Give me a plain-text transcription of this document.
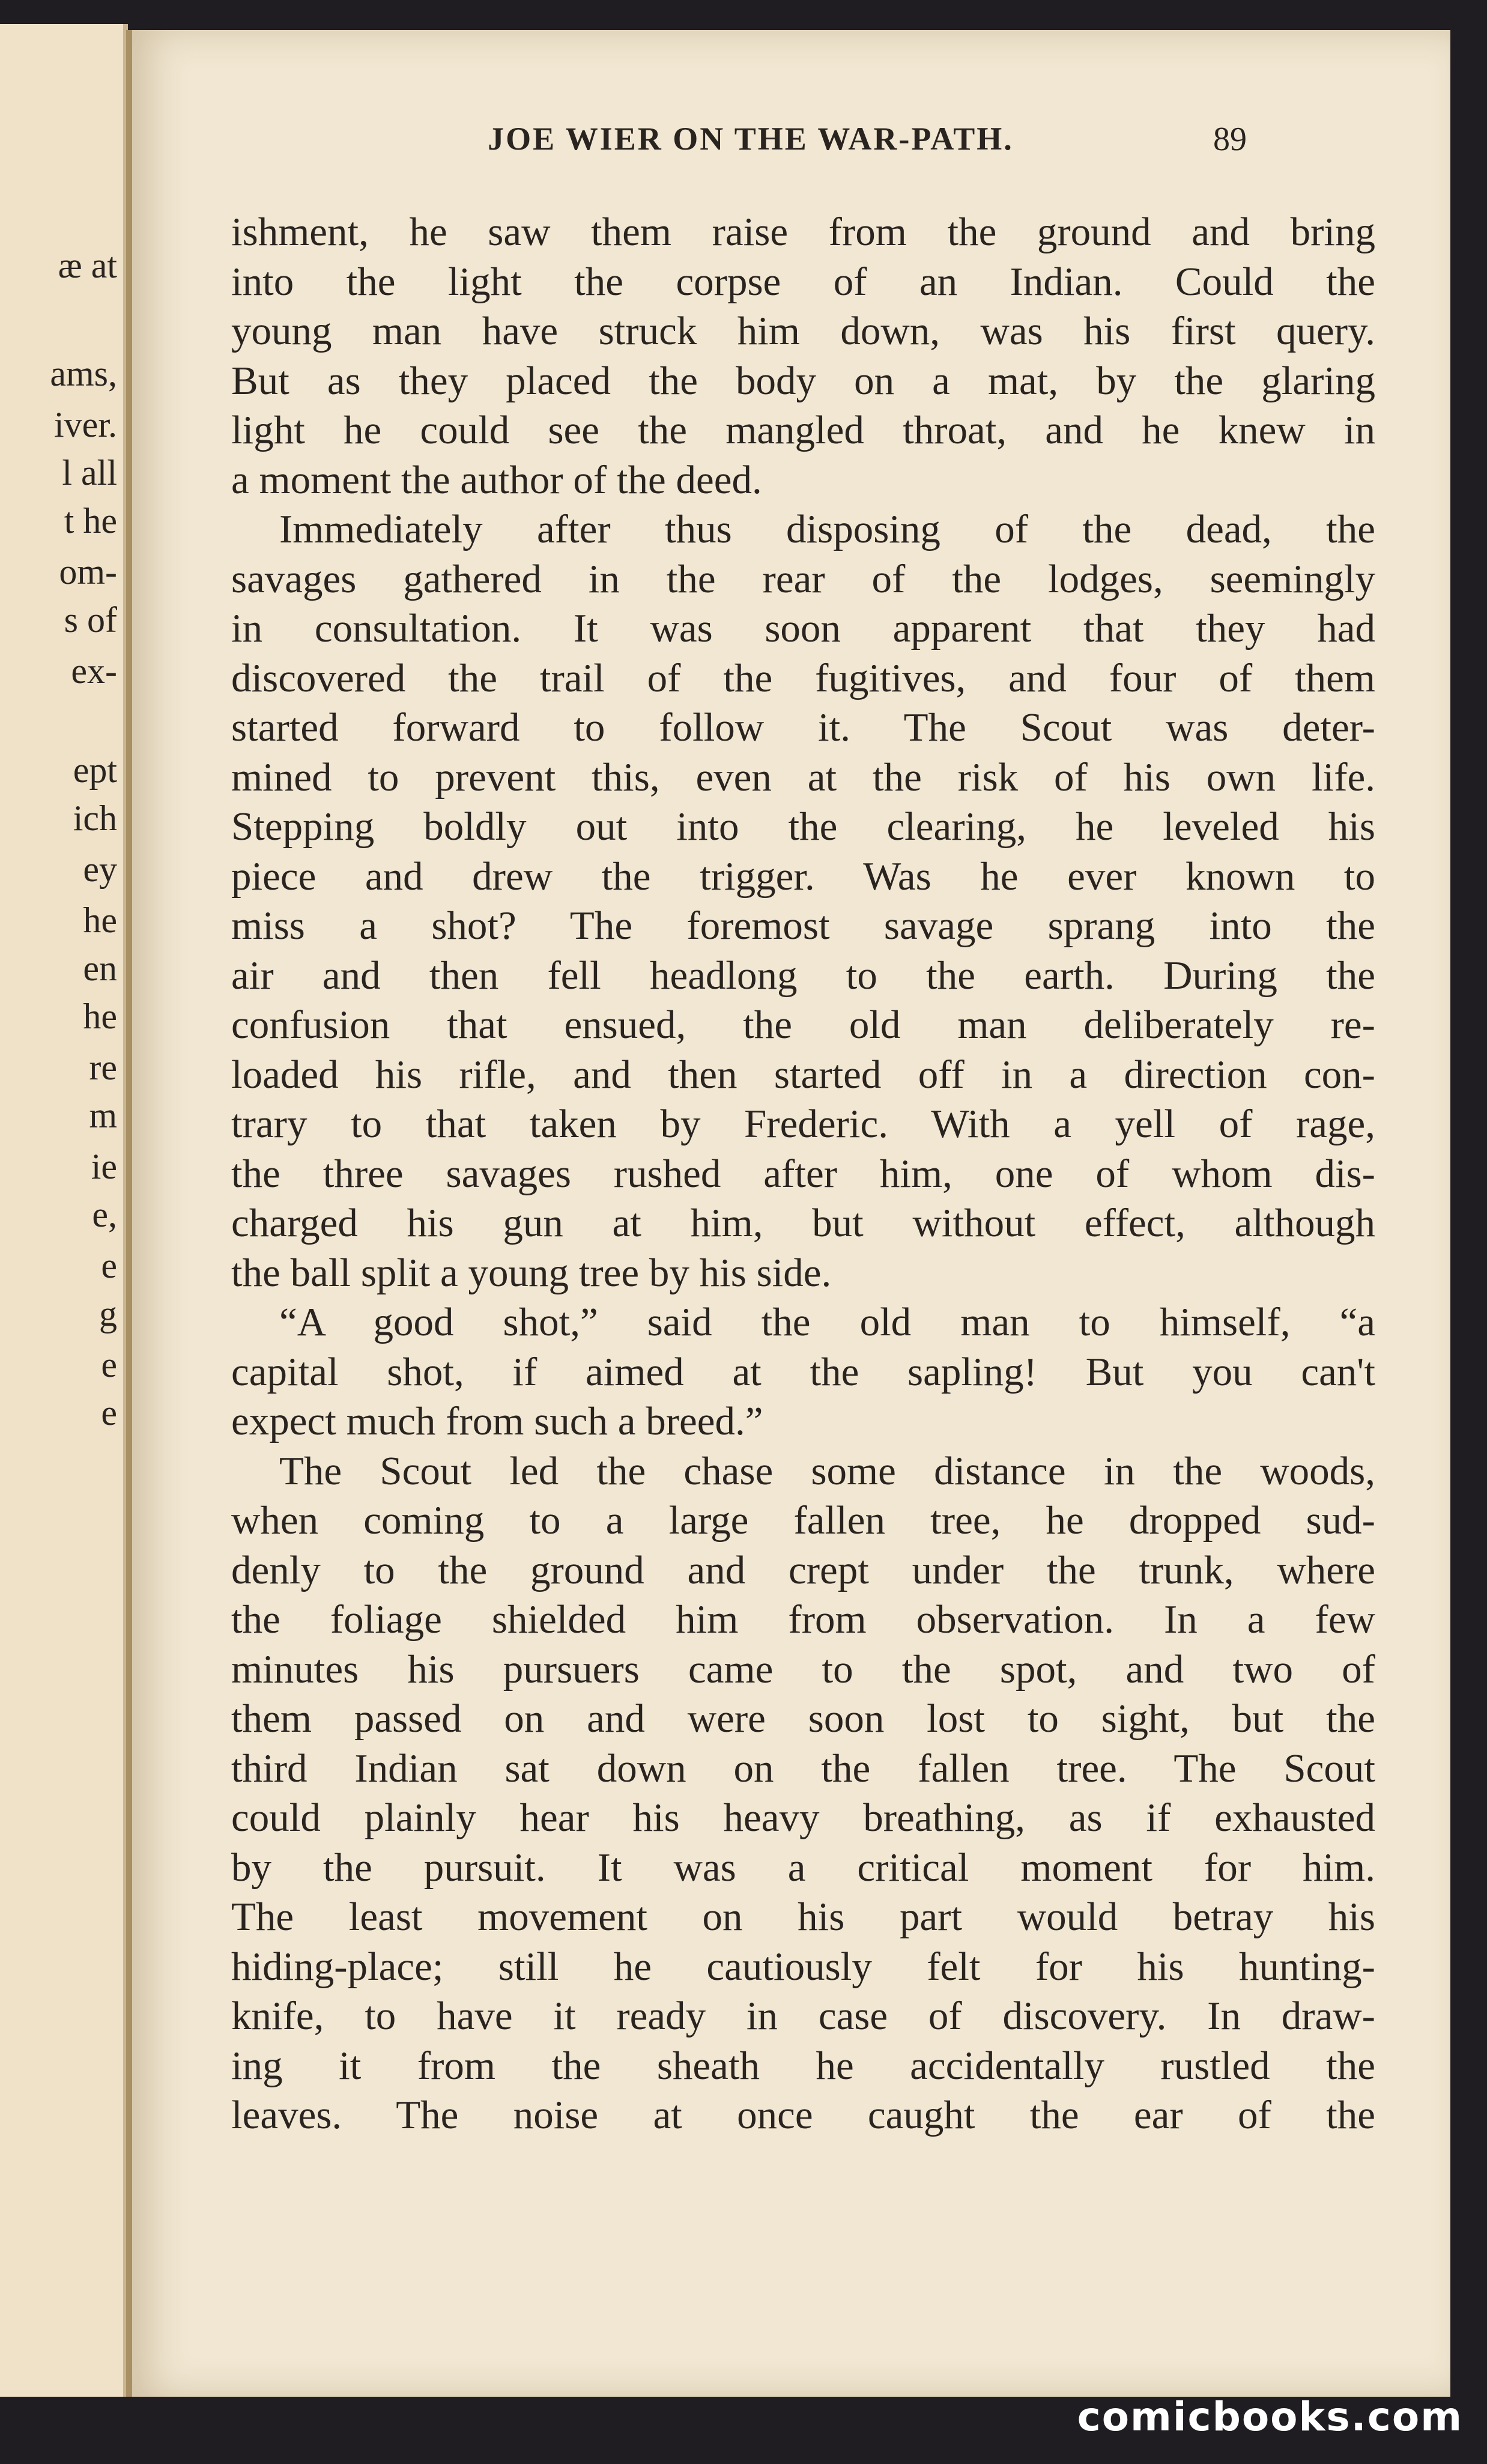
æ at
ams,
iver.
l all
t he
om-
s of
ex-
ept
ich
ey
he
en
he
re
m
ie
e,
e
g
e
e
JOE WIER ON THE WAR-PATH.	89
ishment, he saw them raise from the ground and bring
into the light the corpse of an Indian. Could the
young man have struck him down, was his first query.
But as they placed the body on a mat, by the glaring
light he could see the mangled throat, and he knew in
a moment the author of the deed.
Immediately after thus disposing of the dead, the
savages gathered in the rear of the lodges, seemingly
in consultation. It was soon apparent that they had
discovered the trail of the fugitives, and four of them
started forward to follow it. The Scout was deter-
mined to prevent this, even at the risk of his own life.
Stepping boldly out into the clearing, he leveled his
piece and drew the trigger. Was he ever known to
miss a shot? The foremost savage sprang into the
air and then fell headlong to the earth. During the
confusion that ensued, the old man deliberately re-
loaded his rifle, and then started off in a direction con-
trary to that taken by Frederic. With a yell of rage,
the three savages rushed after him, one of whom dis-
charged his gun at him, but without effect, although
the ball split a young tree by his side.
“A good shot,” said the old man to himself, “a
capital shot, if aimed at the sapling! But you can't
expect much from such a breed.”
The Scout led the chase some distance in the woods,
when coming to a large fallen tree, he dropped sud-
denly to the ground and crept under the trunk, where
the foliage shielded him from observation. In a few
minutes his pursuers came to the spot, and two of
them passed on and were soon lost to sight, but the
third Indian sat down on the fallen tree. The Scout
could plainly hear his heavy breathing, as if exhausted
by the pursuit. It was a critical moment for him.
The least movement on his part would betray his
hiding-place; still he cautiously felt for his hunting-
knife, to have it ready in case of discovery. In draw-
ing it from the sheath he accidentally rustled the
leaves. The noise at once caught the ear of the
comicbooks.com
